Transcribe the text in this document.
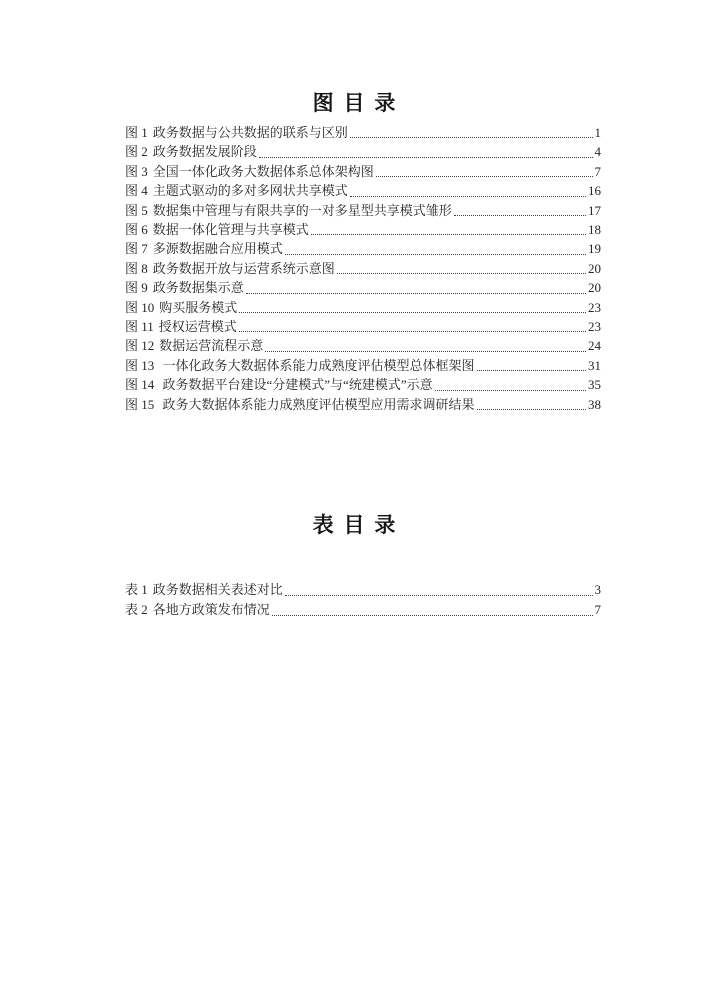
图 目 录
图 1 政务数据与公共数据的联系与区别	1
图 2 政务数据发展阶段	4
图 3 全国一体化政务大数据体系总体架构图	7
图 4 主题式驱动的多对多网状共享模式	16
图 5 数据集中管理与有限共享的一对多星型共享模式雏形	17
图 6 数据一体化管理与共享模式	18
图 7 多源数据融合应用模式	19
图 8 政务数据开放与运营系统示意图	20
图 9 政务数据集示意	20
图 10 购买服务模式	23
图 11 授权运营模式	23
图 12 数据运营流程示意	24
图 13 一体化政务大数据体系能力成熟度评估模型总体框架图	31
图 14 政务数据平台建设“分建模式”与“统建模式”示意	35
图 15 政务大数据体系能力成熟度评估模型应用需求调研结果	38
表 目 录
表 1 政务数据相关表述对比	3
表 2 各地方政策发布情况	7
